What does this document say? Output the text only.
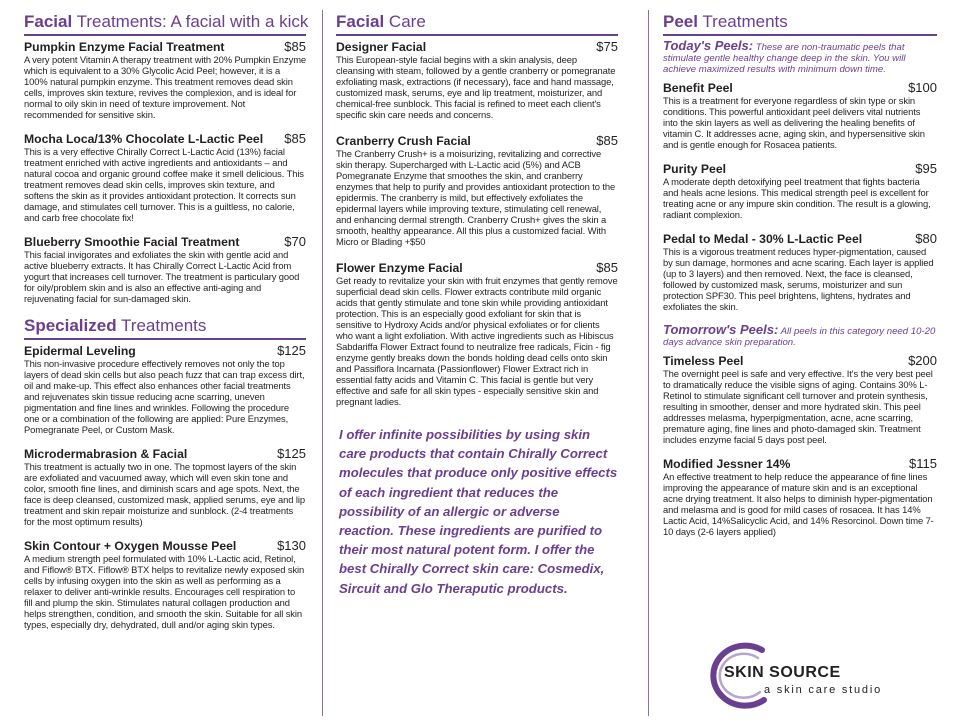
Facial Treatments: A facial with a kick
Pumpkin Enzyme Facial Treatment	$85
A very potent Vitamin A therapy treatment with 20% Pumpkin Enzyme which is equivalent to a 30% Glycolic Acid Peel; however, it is a 100% natural pumpkin enzyme. This treatment removes dead skin cells, improves skin texture, revives the complexion, and is ideal for normal to oily skin in need of texture improvement. Not recommended for sensitive skin.
Mocha Loca/13% Chocolate L-Lactic Peel $85
This is a very effective Chirally Correct L-Lactic Acid (13%) facial treatment enriched with active ingredients and antioxidants – and natural cocoa and organic ground coffee make it smell delicious. This treatment removes dead skin cells, improves skin texture, and softens the skin as it provides antioxidant protection. It corrects sun damage, and stimulates cell turnover. This is a guiltless, no calorie, and carb free chocolate fix!
Blueberry Smoothie Facial Treatment	$70
This facial invigorates and exfoliates the skin with gentle acid and active blueberry extracts. It has Chirally Correct L-Lactic Acid from yogurt that increases cell turnover. The treatment is particulary good for oily/problem skin and is also an effective anti-aging and rejuvenating facial for sun-damaged skin.
Specialized Treatments
Epidermal Leveling	$125
This non-invasive procedure effectively removes not only the top layers of dead skin cells but also peach fuzz that can trap excess dirt, oil and make-up. This effect also enhances other facial treatments and rejuvenates skin tissue reducing acne scarring, uneven pigmentation and fine lines and wrinkles. Following the procedure one or a combination of the following are applied: Pure Enzymes, Pomegranate Peel, or Custom Mask.
Microdermabrasion & Facial	$125
This treatment is actually two in one. The topmost layers of the skin are exfoliated and vacuumed away, which will even skin tone and color, smooth fine lines, and diminish scars and age spots. Next, the face is deep cleansed, customized mask, applied serums, eye and lip treatment and skin repair moisturize and sunblock. (2-4 treatments for the most optimum results)
Skin Contour + Oxygen Mousse Peel	$130
A medium strength peel formulated with 10% L-Lactic acid, Retinol, and Fiflow® BTX. Fiflow® BTX helps to revitalize newly exposed skin cells by infusing oxygen into the skin as well as performing as a relaxer to deliver anti-wrinkle results. Encourages cell respiration to fill and plump the skin. Stimulates natural collagen production and helps strengthen, condition, and smooth the skin. Suitable for all skin types, especially dry, dehydrated, dull and/or aging skin types.
Facial Care
Designer Facial	$75
This European-style facial begins with a skin analysis, deep cleansing with steam, followed by a gentle cranberry or pomegranate exfoliating mask, extractions (if necessary), face and hand massage, customized mask, serums, eye and lip treatment, moisturizer, and chemical-free sunblock. This facial is refined to meet each client's specific skin care needs and concerns.
Cranberry Crush Facial	$85
The Cranberry Crush+ is a moisurizing, revitalizing and corrective skin therapy. Supercharged with L-Lactic acid (5%) and ACB Pomegranate Enzyme that smoothes the skin, and cranberry enzymes that help to purify and provides antioxidant protection to the epidermis. The cranberry is mild, but effectively exfoliates the epidermal layers while improving texture, stimulating cell renewal, and enhancing dermal strength. Cranberry Crush+ gives the skin a smooth, healthy appearance. All this plus a customized facial. With Micro or Blading +$50
Flower Enzyme Facial	$85
Get ready to revitalize your skin with fruit enzymes that gently remove superficial dead skin cells. Flower extracts contribute mild organic acids that gently stimulate and tone skin while providing antioxidant protection. This is an especially good exfoliant for skin that is sensitive to Hydroxy Acids and/or physical exfoliates or for clients who want a light exfoliation. With active ingredients such as Hibiscus Sabdariffa Flower Extract found to neutralize free radicals, Ficin - fig enzyme gently breaks down the bonds holding dead cells onto skin and Passiflora Incarnata (Passionflower) Flower Extract rich in essential fatty acids and Vitamin C. This facial is gentle but very effective and safe for all skin types - especially sensitive skin and pregnant ladies.
I offer infinite possibilities by using skin care products that contain Chirally Correct molecules that produce only positive effects of each ingredient that reduces the possibility of an allergic or adverse reaction. These ingredients are purified to their most natural potent form. I offer the best Chirally Correct skin care: Cosmedix, Sircuit and Glo Theraputic products.
Peel Treatments
Today's Peels: These are non-traumatic peels that stimulate gentle healthy change deep in the skin. You will achieve maximized results with minimum down time.
Benefit Peel	$100
This is a treatment for everyone regardless of skin type or skin conditions. This powerful antioxidant peel delivers vital nutrients into the skin layers as well as delivering the healing benefits of vitamin C. It addresses acne, aging skin, and hypersensitive skin and is gentle enough for Rosacea patients.
Purity Peel	$95
A moderate depth detoxifying peel treatment that fights bacteria and heals acne lesions. This medical strength peel is excellent for treating acne or any impure skin condition. The result is a glowing, radiant complexion.
Pedal to Medal - 30% L-Lactic Peel	$80
This is a vigorous treatment reduces hyper-pigmentation, caused by sun damage, hormones and acne scaring. Each layer is applied (up to 3 layers) and then removed. Next, the face is cleansed, followed by customized mask, serums, moisturizer and sun protection SPF30. This peel brightens, lightens, hydrates and exfoliates the skin.
Tomorrow's Peels: All peels in this category need 10-20 days advance skin preparation.
Timeless Peel	$200
The overnight peel is safe and very effective. It's the very best peel to dramatically reduce the visible signs of aging. Contains 30% L-Retinol to stimulate significant cell turnover and protein synthesis, resulting in smoother, denser and more hydrated skin. This peel addresses melasma, hyperpigmentation, acne, acne scarring, premature aging, fine lines and photo-damaged skin. Treatment includes enzyme facial 5 days post peel.
Modified Jessner 14%	$115
An effective treatment to help reduce the appearance of fine lines improving the appearance of mature skin and is an exceptional acne drying treatment. It also helps to diminish hyper-pigmentation and melasma and is good for mild cases of rosacea. It has 14% Lactic Acid, 14%Salicyclic Acid, and 14% Resorcinol. Down time 7-10 days (2-6 layers applied)
SKIN SOURCE
a skin care studio
